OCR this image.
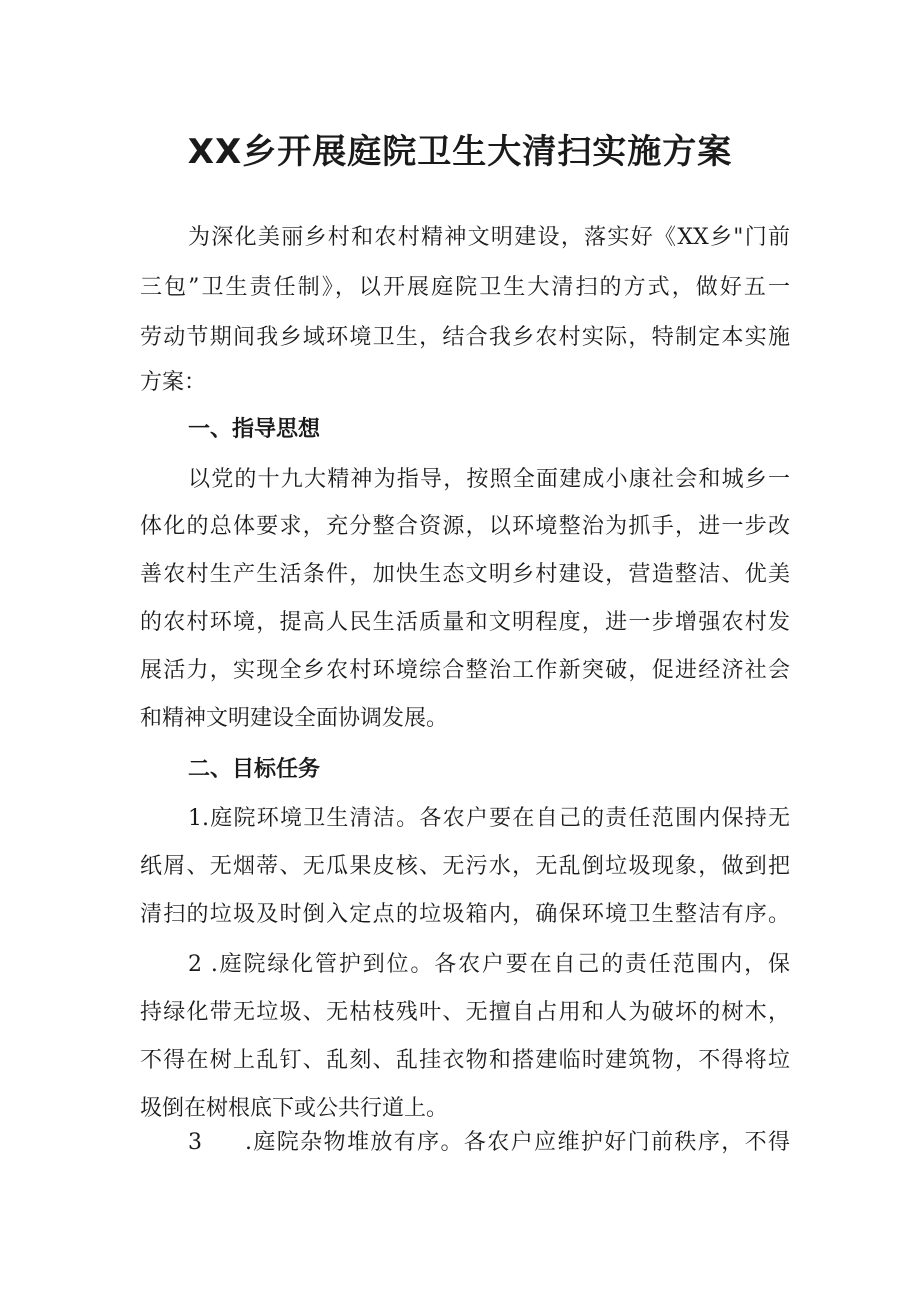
XX乡开展庭院卫生大清扫实施方案
为深化美丽乡村和农村精神文明建设，落实好《XX乡"门前
三包”卫生责任制》，以开展庭院卫生大清扫的方式，做好五一
劳动节期间我乡域环境卫生，结合我乡农村实际，特制定本实施
方案：
一、指导思想
以党的十九大精神为指导，按照全面建成小康社会和城乡一
体化的总体要求，充分整合资源，以环境整治为抓手，进一步改
善农村生产生活条件，加快生态文明乡村建设，营造整洁、优美
的农村环境，提高人民生活质量和文明程度，进一步增强农村发
展活力，实现全乡农村环境综合整治工作新突破，促进经济社会
和精神文明建设全面协调发展。
二、目标任务
1.庭院环境卫生清洁。各农户要在自己的责任范围内保持无
纸屑、无烟蒂、无瓜果皮核、无污水，无乱倒垃圾现象，做到把
清扫的垃圾及时倒入定点的垃圾箱内，确保环境卫生整洁有序。
2 .庭院绿化管护到位。各农户要在自己的责任范围内，保
持绿化带无垃圾、无枯枝残叶、无擅自占用和人为破坏的树木，
不得在树上乱钉、乱刻、乱挂衣物和搭建临时建筑物，不得将垃
圾倒在树根底下或公共行道上。
3 .庭院杂物堆放有序。各农户应维护好门前秩序，不得
